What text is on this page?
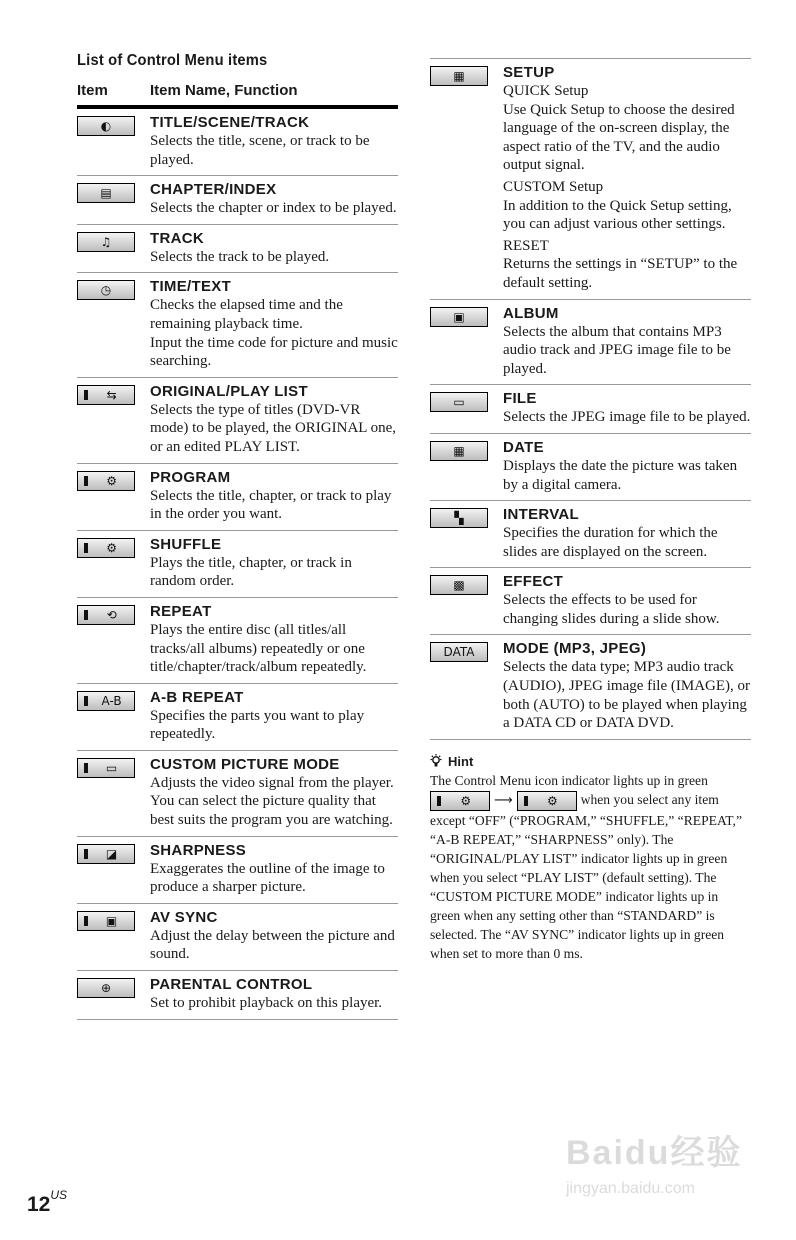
List of Control Menu items
Item	Item Name, Function
◐	TITLE/SCENE/TRACK

Selects the title, scene, or track to be played.

▤	CHAPTER/INDEX

Selects the chapter or index to be played.

♫	TRACK

Selects the track to be played.

◷	TIME/TEXT

Checks the elapsed time and the remaining playback time.

Input the time code for picture and music searching.

⇆ ORIGINAL/PLAY LIST

Selects the type of titles (DVD-VR mode) to be played, the ORIGINAL one, or an edited PLAY LIST.

⚙ PROGRAM

Selects the title, chapter, or track to play in the order you want.

⚙ SHUFFLE

Plays the title, chapter, or track in random order.

⟲ REPEAT

Plays the entire disc (all titles/all tracks/all albums) repeatedly or one title/chapter/track/album repeatedly.

A-B A-B REPEAT

Specifies the parts you want to play repeatedly.

▭ CUSTOM PICTURE MODE

Adjusts the video signal from the player. You can select the picture quality that best suits the program you are watching.

◪ SHARPNESS

Exaggerates the outline of the image to produce a sharper picture.

▣ AV SYNC

Adjust the delay between the picture and sound.

⊕	PARENTAL CONTROL

Set to prohibit playback on this player.

▦	SETUP

QUICK Setup

Use Quick Setup to choose the desired language of the on-screen display, the aspect ratio of the TV, and the audio output signal.

CUSTOM Setup

In addition to the Quick Setup setting, you can adjust various other settings.

RESET

Returns the settings in “SETUP” to the default setting.

▣	ALBUM

Selects the album that contains MP3 audio track and JPEG image file to be played.

▭	FILE

Selects the JPEG image file to be played.

▦	DATE

Displays the date the picture was taken by a digital camera.

▚	INTERVAL

Specifies the duration for which the slides are displayed on the screen.

▩	EFFECT

Selects the effects to be used for changing slides during a slide show.

DATA MODE (MP3, JPEG)

Selects the data type; MP3 audio track (AUDIO), JPEG image file (IMAGE), or both (AUTO) to be played when playing a DATA CD or DATA DVD.

Hint
The Control Menu icon indicator lights up in green

⚙ ⟶	⚙ when you select any item except “OFF” (“PROGRAM,” “SHUFFLE,” “REPEAT,” “A-B REPEAT,” “SHARPNESS” only). The “ORIGINAL/PLAY LIST” indicator lights up in green when you select “PLAY LIST” (default setting). The “CUSTOM PICTURE MODE” indicator lights up in green when any setting other than “STANDARD” is selected. The “AV SYNC” indicator lights up in green when set to more than 0 ms.
$12^{US}$
Baidu经验
jingyan.baidu.com
